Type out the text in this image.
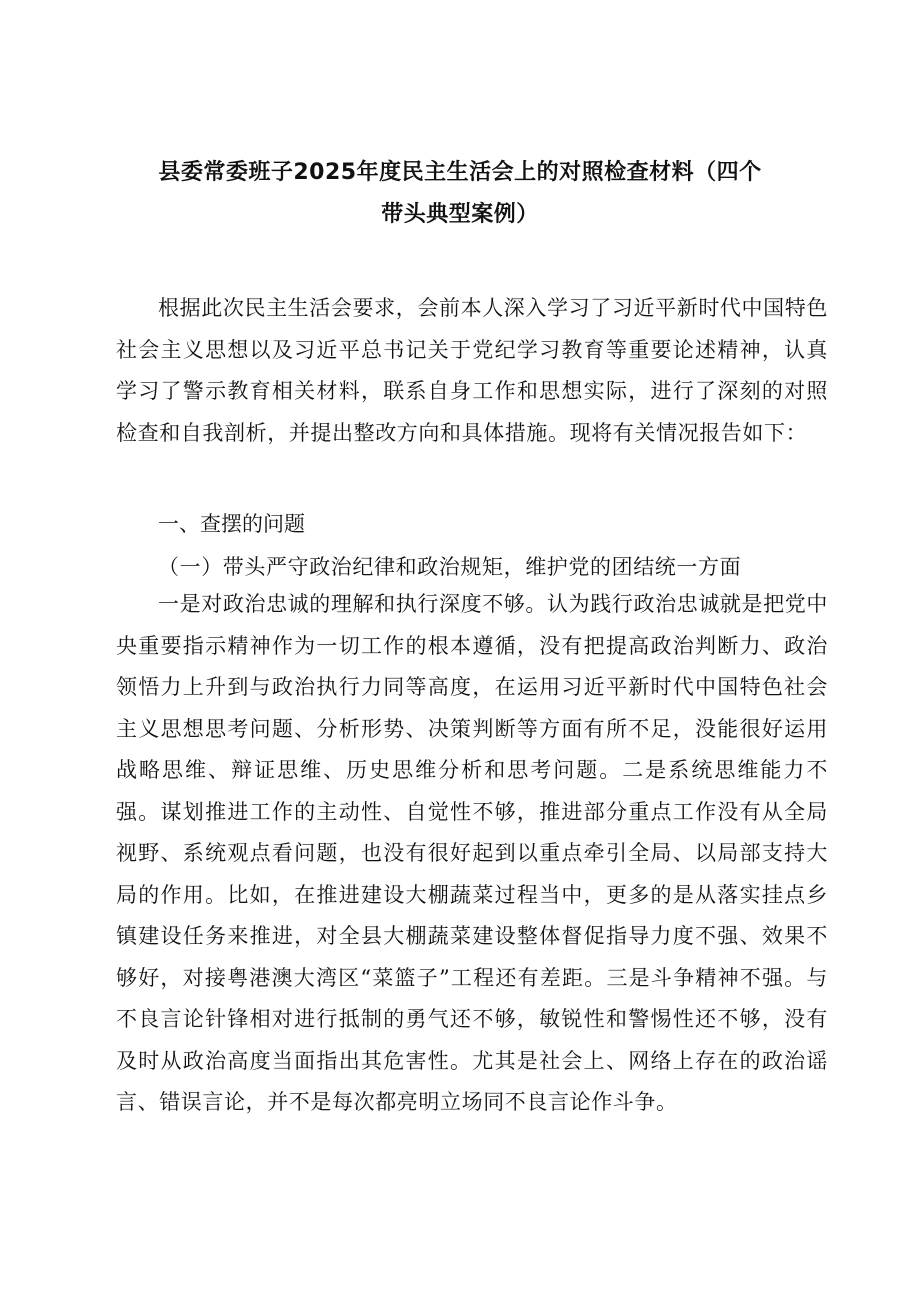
县委常委班子2025年度民主生活会上的对照检查材料（四个
带头典型案例）

根据此次民主生活会要求，会前本人深入学习了习近平新时代中国特色社会主义思想以及习近平总书记关于党纪学习教育等重要论述精神，认真学习了警示教育相关材料，联系自身工作和思想实际，进行了深刻的对照检查和自我剖析，并提出整改方向和具体措施。现将有关情况报告如下：

一、查摆的问题
（一）带头严守政治纪律和政治规矩，维护党的团结统一方面

一是对政治忠诚的理解和执行深度不够。认为践行政治忠诚就是把党中央重要指示精神作为一切工作的根本遵循，没有把提高政治判断力、政治领悟力上升到与政治执行力同等高度，在运用习近平新时代中国特色社会主义思想思考问题、分析形势、决策判断等方面有所不足，没能很好运用战略思维、辩证思维、历史思维分析和思考问题。二是系统思维能力不强。谋划推进工作的主动性、自觉性不够，推进部分重点工作没有从全局视野、系统观点看问题，也没有很好起到以重点牵引全局、以局部支持大局的作用。比如，在推进建设大棚蔬菜过程当中，更多的是从落实挂点乡镇建设任务来推进，对全县大棚蔬菜建设整体督促指导力度不强、效果不够好，对接粤港澳大湾区“菜篮子”工程还有差距。三是斗争精神不强。与不良言论针锋相对进行抵制的勇气还不够，敏锐性和警惕性还不够，没有及时从政治高度当面指出其危害性。尤其是社会上、网络上存在的政治谣言、错误言论，并不是每次都亮明立场同不良言论作斗争。
